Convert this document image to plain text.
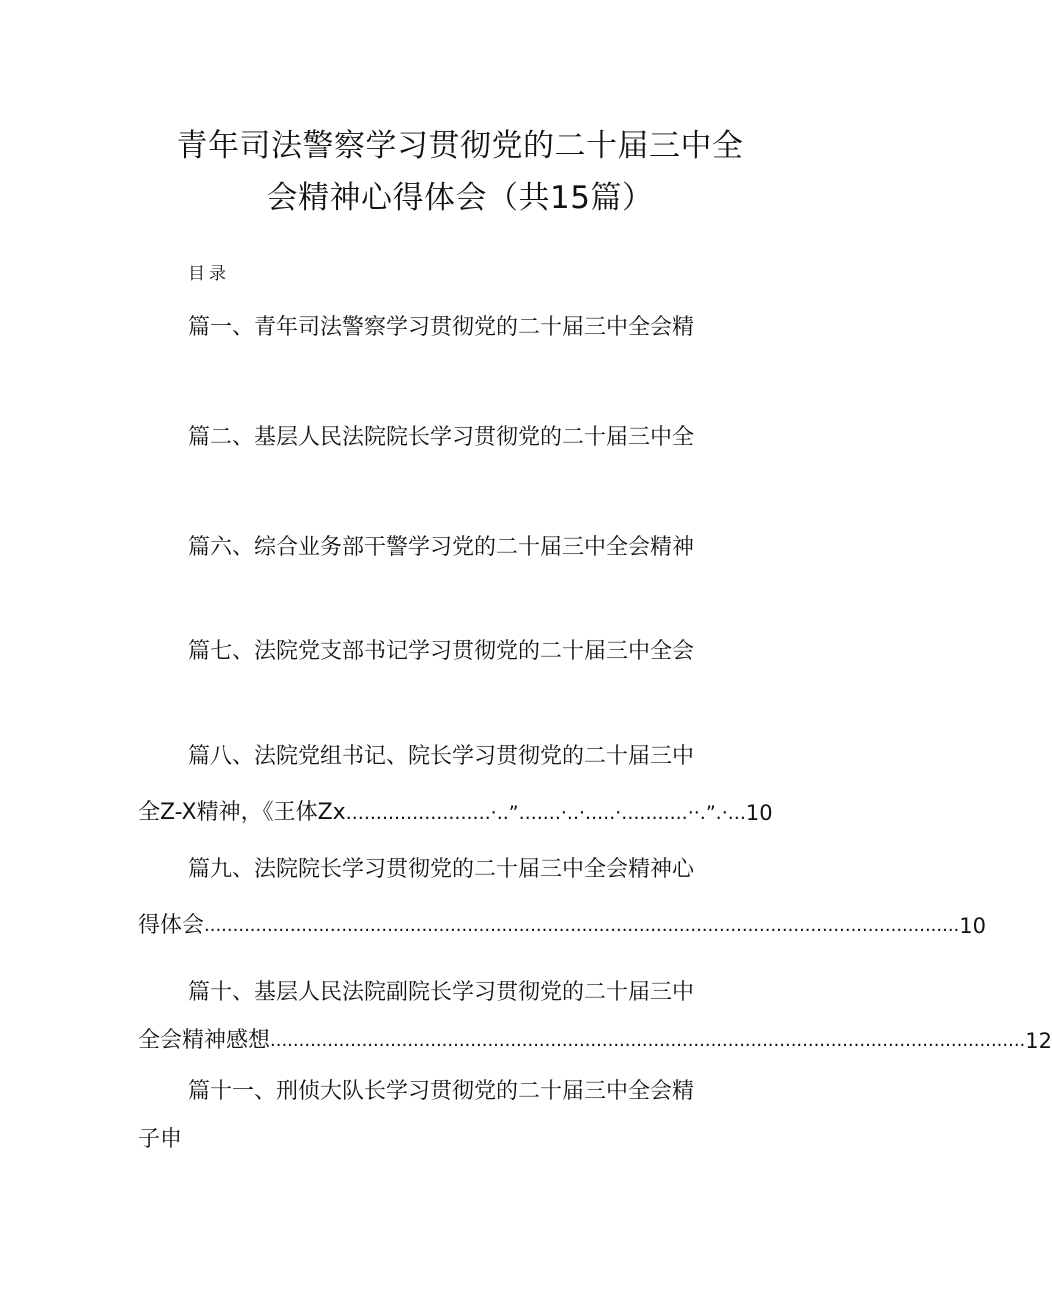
青年司法警察学习贯彻党的二十届三中全
会精神心得体会（共15篇）
目录
篇一、青年司法警察学习贯彻党的二十届三中全会精
篇二、基层人民法院院长学习贯彻党的二十届三中全
篇六、综合业务部干警学习党的二十届三中全会精神
篇七、法院党支部书记学习贯彻党的二十届三中全会
篇八、法院党组书记、院长学习贯彻党的二十届三中
全Z-X精神，《王体Zx ........................·..”.......·..·.....·...........··.”.·... 10
篇九、法院院长学习贯彻党的二十届三中全会精神心
得体会 .................................................................................................................................... 10
篇十、基层人民法院副院长学习贯彻党的二十届三中
全会精神感想 .................................................................................................................................... 12
篇十一、刑侦大队长学习贯彻党的二十届三中全会精
子申
